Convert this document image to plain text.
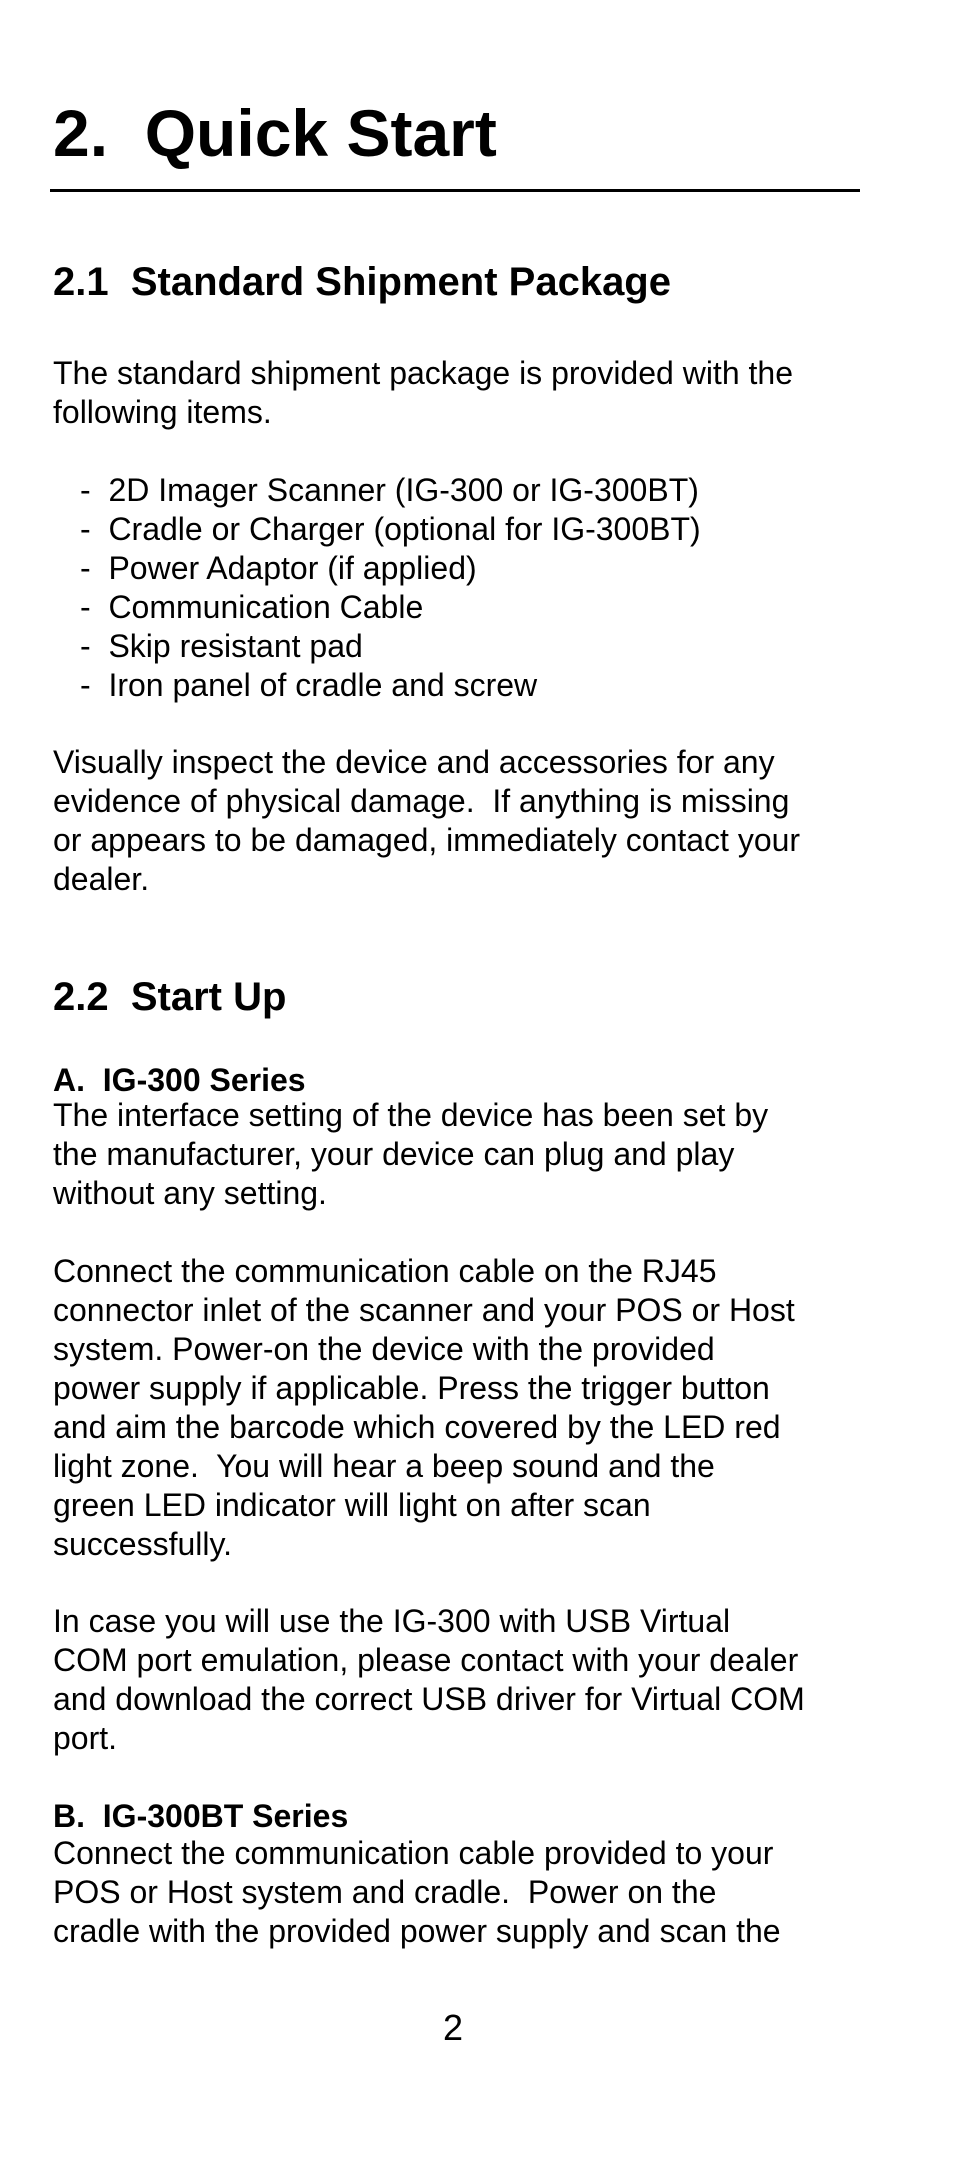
2.  Quick Start
2.1  Standard Shipment Package

The standard shipment package is provided with the
following items.

-  2D Imager Scanner (IG-300 or IG-300BT)
-  Cradle or Charger (optional for IG-300BT)
-  Power Adaptor (if applied)
-  Communication Cable
-  Skip resistant pad
-  Iron panel of cradle and screw

Visually inspect the device and accessories for any
evidence of physical damage.  If anything is missing
or appears to be damaged, immediately contact your
dealer.

2.2  Start Up
A.  IG-300 Series

The interface setting of the device has been set by
the manufacturer, your device can plug and play
without any setting.

Connect the communication cable on the RJ45
connector inlet of the scanner and your POS or Host
system. Power-on the device with the provided
power supply if applicable. Press the trigger button
and aim the barcode which covered by the LED red
light zone.  You will hear a beep sound and the
green LED indicator will light on after scan
successfully.

In case you will use the IG-300 with USB Virtual
COM port emulation, please contact with your dealer
and download the correct USB driver for Virtual COM
port.

B.  IG-300BT Series

Connect the communication cable provided to your
POS or Host system and cradle.  Power on the
cradle with the provided power supply and scan the

2
